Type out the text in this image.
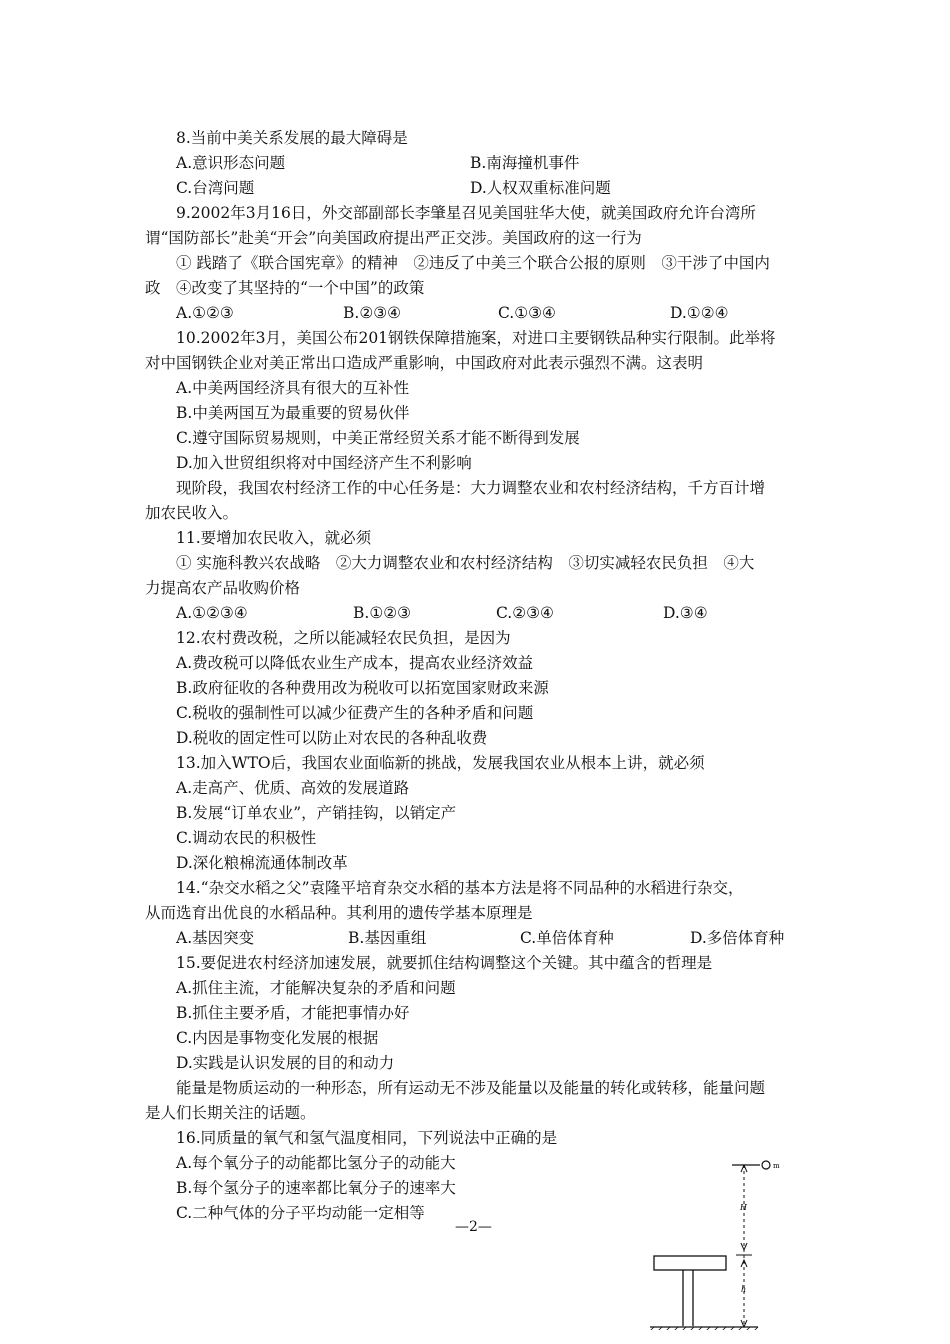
8.当前中美关系发展的最大障碍是
A.意识形态问题	B.南海撞机事件
C.台湾问题	D.人权双重标准问题
9.2002年3月16日，外交部副部长李肇星召见美国驻华大使，就美国政府允许台湾所
谓“国防部长”赴美“开会”向美国政府提出严正交涉。美国政府的这一行为
① 践踏了《联合国宪章》的精神　②违反了中美三个联合公报的原则　③干涉了中国内
政　④改变了其坚持的“一个中国”的政策
A.①②③	B.②③④	C.①③④	D.①②④
10.2002年3月，美国公布201钢铁保障措施案，对进口主要钢铁品种实行限制。此举将
对中国钢铁企业对美正常出口造成严重影响，中国政府对此表示强烈不满。这表明
A.中美两国经济具有很大的互补性
B.中美两国互为最重要的贸易伙伴
C.遵守国际贸易规则，中美正常经贸关系才能不断得到发展
D.加入世贸组织将对中国经济产生不利影响
现阶段，我国农村经济工作的中心任务是：大力调整农业和农村经济结构，千方百计增
加农民收入。
11.要增加农民收入，就必须
① 实施科教兴农战略　②大力调整农业和农村经济结构　③切实减轻农民负担　④大
力提高农产品收购价格
A.①②③④	B.①②③	C.②③④	D.③④
12.农村费改税，之所以能减轻农民负担，是因为
A.费改税可以降低农业生产成本，提高农业经济效益
B.政府征收的各种费用改为税收可以拓宽国家财政来源
C.税收的强制性可以减少征费产生的各种矛盾和问题
D.税收的固定性可以防止对农民的各种乱收费
13.加入WTO后，我国农业面临新的挑战，发展我国农业从根本上讲，就必须
A.走高产、优质、高效的发展道路
B.发展“订单农业”，产销挂钩，以销定产
C.调动农民的积极性
D.深化粮棉流通体制改革
14.“杂交水稻之父”袁隆平培育杂交水稻的基本方法是将不同品种的水稻进行杂交，
从而选育出优良的水稻品种。其利用的遗传学基本原理是
A.基因突变	B.基因重组	C.单倍体育种	D.多倍体育种
15.要促进农村经济加速发展，就要抓住结构调整这个关键。其中蕴含的哲理是
A.抓住主流，才能解决复杂的矛盾和问题
B.抓住主要矛盾，才能把事情办好
C.内因是事物变化发展的根据
D.实践是认识发展的目的和动力
能量是物质运动的一种形态，所有运动无不涉及能量以及能量的转化或转移，能量问题
是人们长期关注的话题。
16.同质量的氧气和氢气温度相同，下列说法中正确的是
A.每个氧分子的动能都比氢分子的动能大
B.每个氢分子的速率都比氧分子的速率大
C.二种气体的分子平均动能一定相等
—2—
m
H
h
